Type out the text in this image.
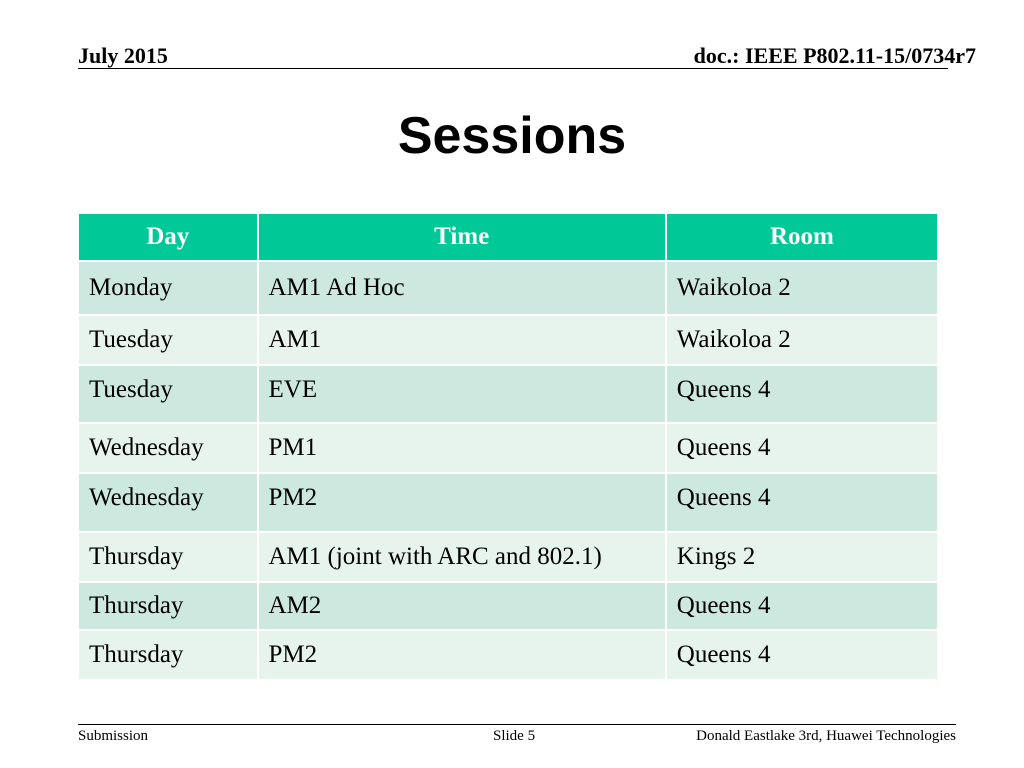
July 2015	doc.: IEEE P802.11-15/0734r7
Sessions
Day	Time	Room
Monday	AM1 Ad Hoc	Waikoloa 2
Tuesday	AM1	Waikoloa 2
Tuesday	EVE	Queens 4
Wednesday	PM1	Queens 4
Wednesday	PM2	Queens 4
Thursday	AM1 (joint with ARC and 802.1)	Kings 2
Thursday	AM2	Queens 4
Thursday	PM2	Queens 4
Submission	Slide 5	Donald Eastlake 3rd, Huawei Technologies
